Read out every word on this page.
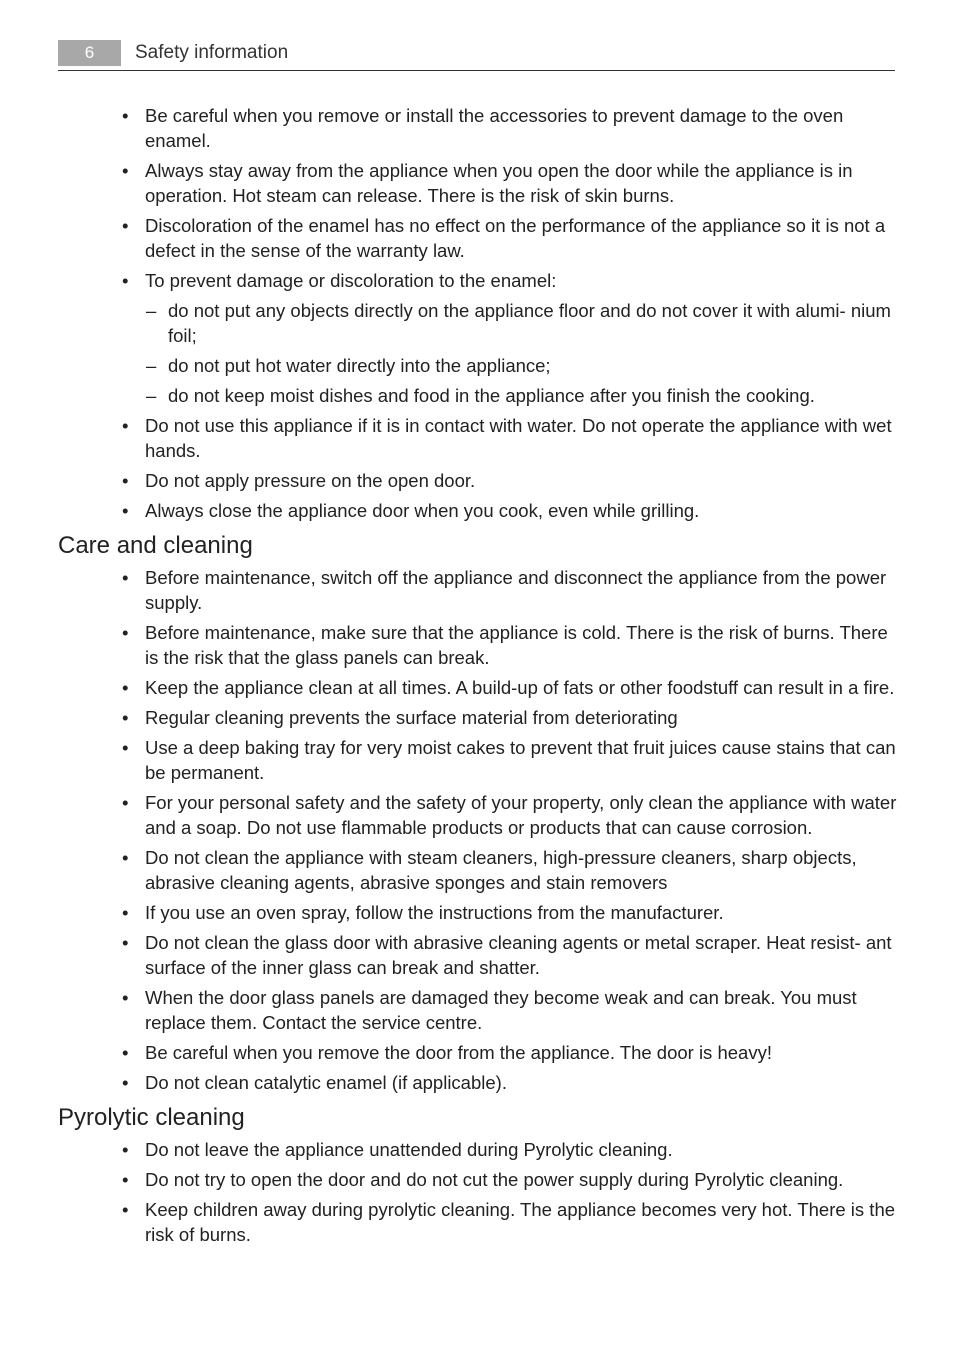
6	Safety information
• Be careful when you remove or install the accessories to prevent damage to the oven enamel.
• Always stay away from the appliance when you open the door while the appliance is in operation. Hot steam can release. There is the risk of skin burns.
• Discoloration of the enamel has no effect on the performance of the appliance so it is not a defect in the sense of the warranty law.
• To prevent damage or discoloration to the enamel:
– do not put any objects directly on the appliance floor and do not cover it with alumi- nium foil;
– do not put hot water directly into the appliance;
– do not keep moist dishes and food in the appliance after you finish the cooking.
• Do not use this appliance if it is in contact with water. Do not operate the appliance with wet hands.
• Do not apply pressure on the open door.
• Always close the appliance door when you cook, even while grilling.
Care and cleaning
• Before maintenance, switch off the appliance and disconnect the appliance from the power supply.
• Before maintenance, make sure that the appliance is cold. There is the risk of burns. There is the risk that the glass panels can break.
• Keep the appliance clean at all times. A build-up of fats or other foodstuff can result in a fire.
• Regular cleaning prevents the surface material from deteriorating
• Use a deep baking tray for very moist cakes to prevent that fruit juices cause stains that can be permanent.
• For your personal safety and the safety of your property, only clean the appliance with water and a soap. Do not use flammable products or products that can cause corrosion.
• Do not clean the appliance with steam cleaners, high-pressure cleaners, sharp objects, abrasive cleaning agents, abrasive sponges and stain removers
• If you use an oven spray, follow the instructions from the manufacturer.
• Do not clean the glass door with abrasive cleaning agents or metal scraper. Heat resist- ant surface of the inner glass can break and shatter.
• When the door glass panels are damaged they become weak and can break. You must replace them. Contact the service centre.
• Be careful when you remove the door from the appliance. The door is heavy!
• Do not clean catalytic enamel (if applicable).
Pyrolytic cleaning
• Do not leave the appliance unattended during Pyrolytic cleaning.
• Do not try to open the door and do not cut the power supply during Pyrolytic cleaning.
• Keep children away during pyrolytic cleaning. The appliance becomes very hot. There is the risk of burns.
